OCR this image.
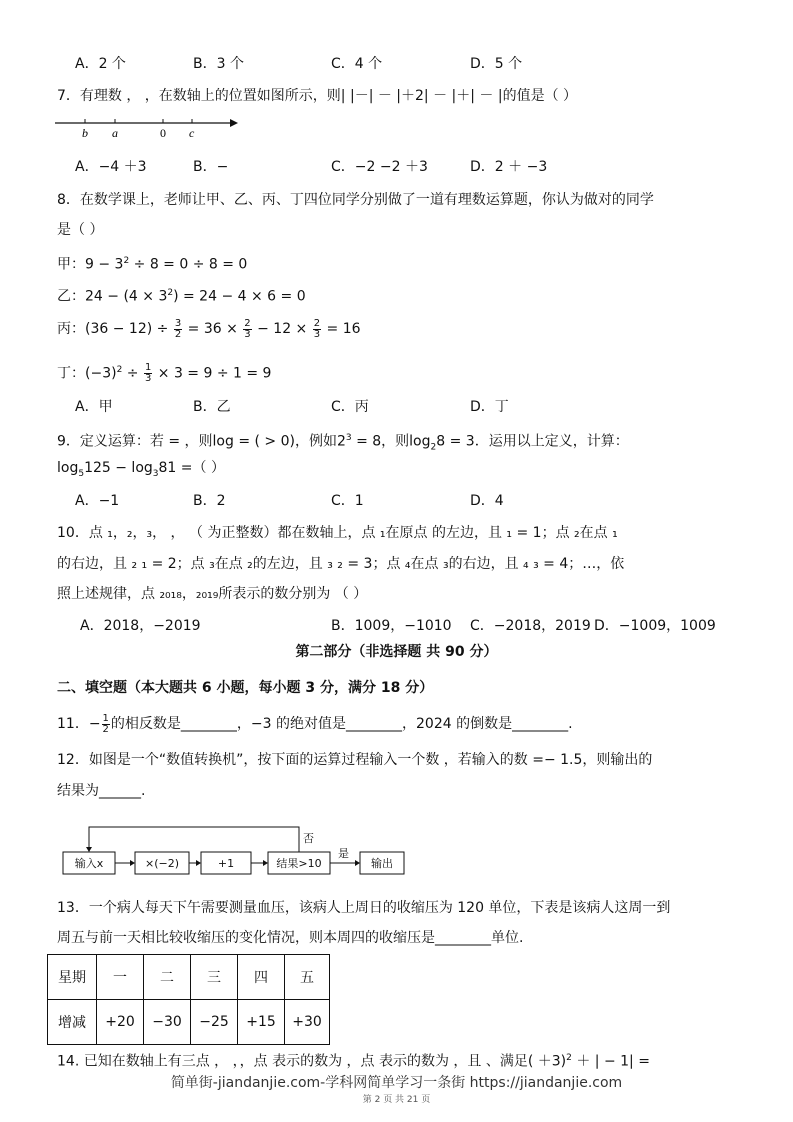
A．2 个	B．3 个	C．4 个	D．5 个
7．有理数 ， ，在数轴上的位置如图所示，则| |－| － |＋2| － |＋| － |的值是（ ）
b a	0 c
A．−4 ＋3	B．−	C．−2 −2 ＋3	D．2 ＋ −3
8．在数学课上，老师让甲、乙、丙、丁四位同学分别做了一道有理数运算题，你认为做对的同学
是（ ）
甲：$9 - 3^2 \div 8 = 0 \div 8 = 0$
乙：$24 - (4 \times 3^2) = 24 - 4 \times 6 = 0$
丙：$(36 - 12) \div \frac{3}{2} = 36 \times \frac{2}{3} - 12 \times \frac{2}{3} = 16$
丁：$(-3)^2 \div \frac{1}{3} \times 3 = 9 \div 1 = 9$
A．甲	B．乙	C．丙	D．丁
9．定义运算：若 = ，则log = ( > 0)，例如$2^3 = 8$，则$\log_28 = 3$．运用以上定义，计算：
$\log_5125 - \log_381$ =（ ）
A．−1	B．2	C．1	D．4
10．点 ₁，₂，₃， ， （ 为正整数）都在数轴上，点 ₁在原点 的左边，且 ₁ = 1；点 ₂在点 ₁
的右边，且 ₂ ₁ = 2；点 ₃在点 ₂的左边，且 ₃ ₂ = 3；点 ₄在点 ₃的右边，且 ₄ ₃ = 4；…，依
照上述规律，点 ₂₀₁₈，₂₀₁₉所表示的数分别为 （ ）
A．2018，−2019	B．1009，−1010 C．−2018，2019 D．−1009，1009
第二部分（非选择题 共 90 分）
二、填空题（本大题共 6 小题，每小题 3 分，满分 18 分）
11．− $\frac{1}{2}$ 的相反数是________，−3 的绝对值是________，2024 的倒数是________.
12．如图是一个“数值转换机”，按下面的运算过程输入一个数 ，若输入的数 =− 1.5，则输出的
结果为______.
输入x	×(−2)	+1	结果>10
是
输出
否
13．一个病人每天下午需要测量血压，该病人上周日的收缩压为 120 单位，下表是该病人这周一到
周五与前一天相比较收缩压的变化情况，则本周四的收缩压是________单位.
星期	一	二	三	四	五
增减	+20	−30	−25	+15	+30
14. 已知在数轴上有三点 ， ，，点 表示的数为 ，点 表示的数为 ，且 、满足( ＋3)$^2$ ＋ | − 1| =
简单街-jiandanjie.com-学科网简单学习一条街 https://jiandanjie.com
第 2 页 共 21 页
